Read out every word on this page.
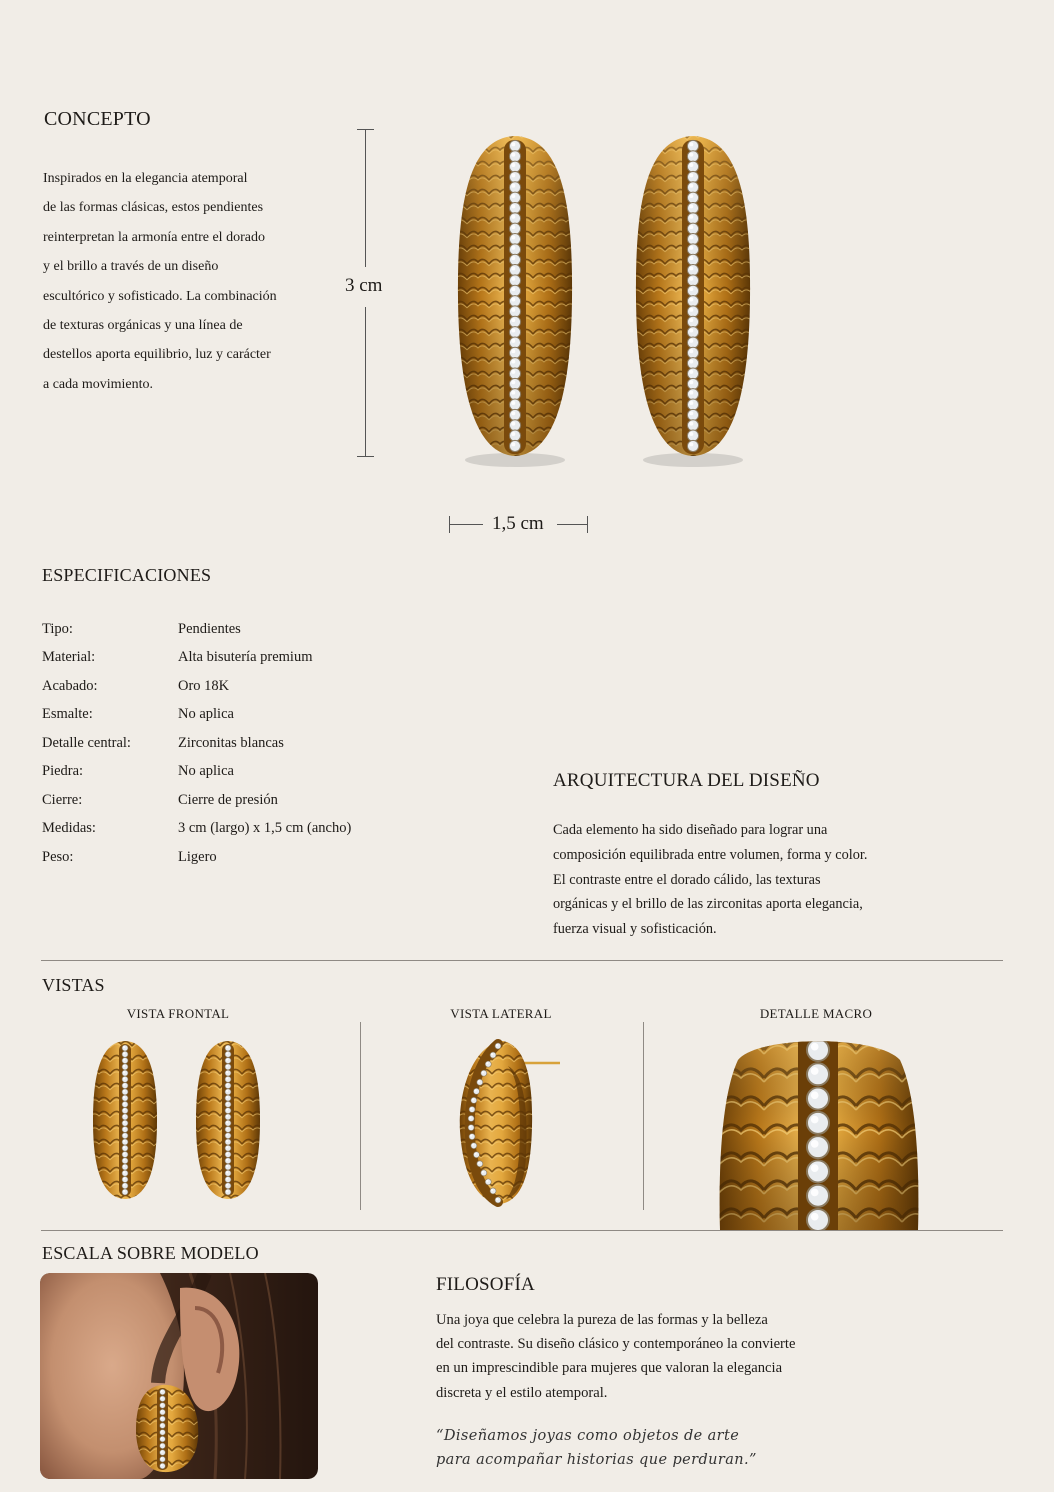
CONCEPTO
Inspirados en la elegancia atemporal
de las formas clásicas, estos pendientes
reinterpretan la armonía entre el dorado
y el brillo a través de un diseño
escultórico y sofisticado. La combinación
de texturas orgánicas y una línea de
destellos aporta equilibrio, luz y carácter
a cada movimiento.
3 cm
1,5 cm
ESPECIFICACIONES
Tipo:	Pendientes
Material:	Alta bisutería premium
Acabado:	Oro 18K
Esmalte:	No aplica
Detalle central:	Zirconitas blancas
Piedra:	No aplica
Cierre:	Cierre de presión
Medidas:	3 cm (largo) x 1,5 cm (ancho)
Peso:	Ligero
ARQUITECTURA DEL DISEÑO
Cada elemento ha sido diseñado para lograr una
composición equilibrada entre volumen, forma y color.
El contraste entre el dorado cálido, las texturas
orgánicas y el brillo de las zirconitas aporta elegancia,
fuerza visual y sofisticación.
VISTAS
VISTA FRONTAL	VISTA LATERAL	DETALLE MACRO
ESCALA SOBRE MODELO
FILOSOFÍA
Una joya que celebra la pureza de las formas y la belleza
del contraste. Su diseño clásico y contemporáneo la convierte
en un imprescindible para mujeres que valoran la elegancia
discreta y el estilo atemporal.
“Diseñamos joyas como objetos de arte
para acompañar historias que perduran.”
